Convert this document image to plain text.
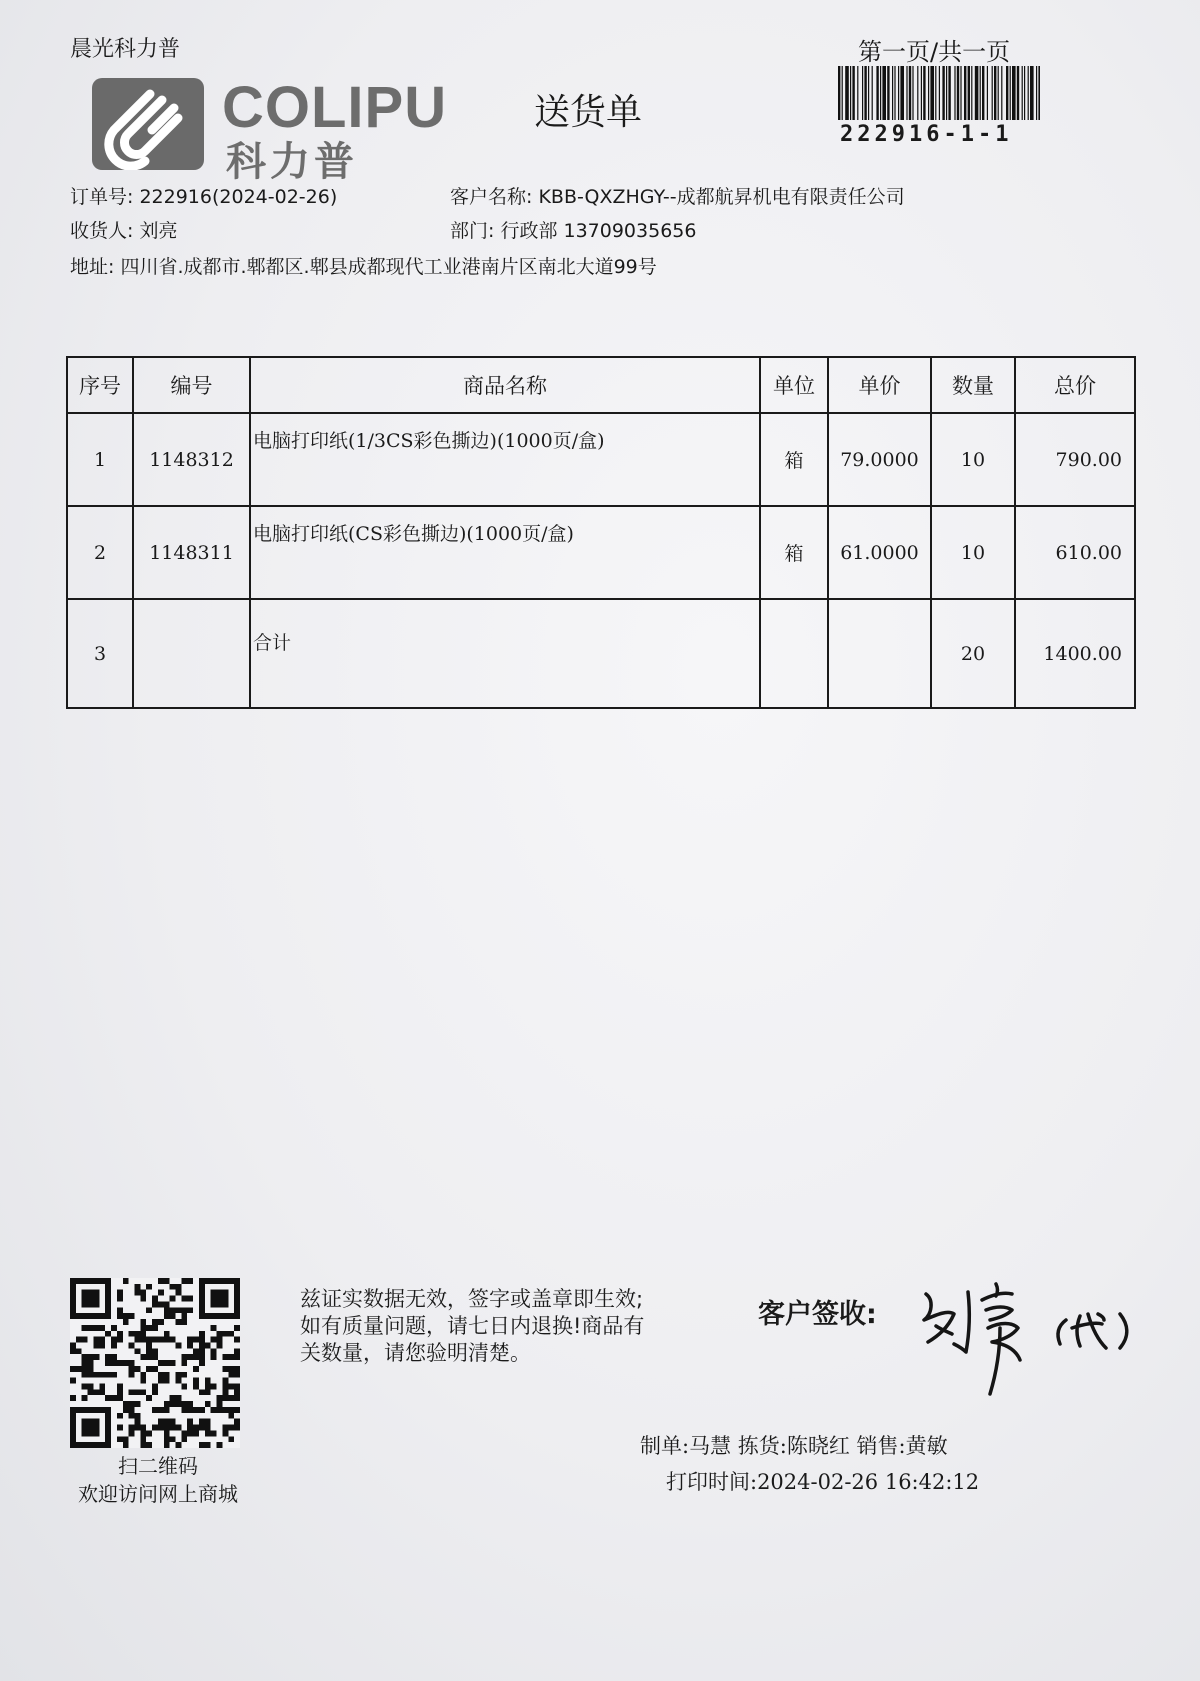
晨光科力普
COLIPU
科力普
送货单
第一页/共一页
222916-1-1
订单号: 222916(2024-02-26)	客户名称: KBB-QXZHGY--成都航昇机电有限责任公司
收货人: 刘亮	部门: 行政部 13709035656
地址: 四川省.成都市.郫都区.郫县成都现代工业港南片区南北大道99号
序号	编号	商品名称	单位	单价	数量	总价
1	1148312	电脑打印纸(1/3CS彩色撕边)(1000页/盒)	箱	79.0000	10	790.00
2	1148311	电脑打印纸(CS彩色撕边)(1000页/盒)	箱	61.0000	10	610.00
3		合计			20	1400.00
扫二维码
欢迎访问网上商城
兹证实数据无效，签字或盖章即生效;
如有质量问题，请七日内退换!商品有
关数量，请您验明清楚。
客户签收:
制单:马慧 拣货:陈晓红 销售:黄敏
打印时间:2024-02-26 16:42:12
